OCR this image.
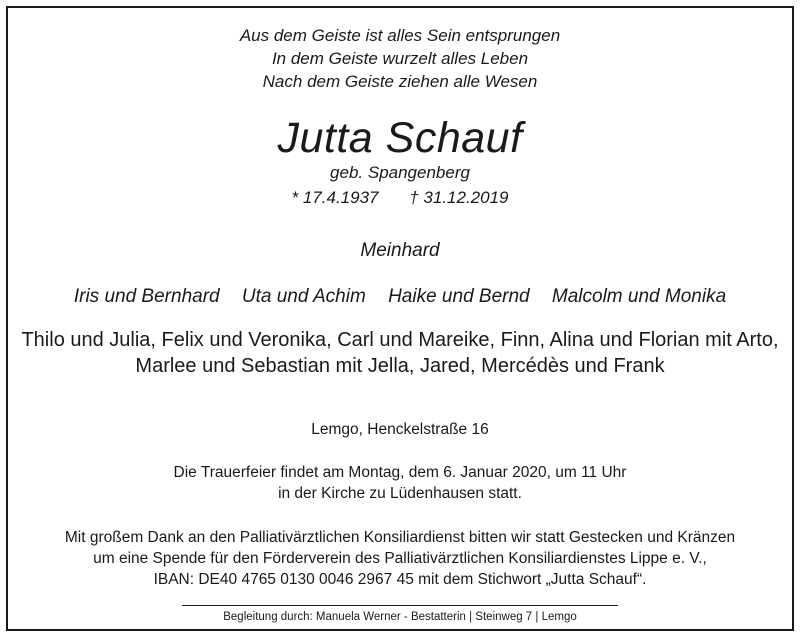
Aus dem Geiste ist alles Sein entsprungen
In dem Geiste wurzelt alles Leben
Nach dem Geiste ziehen alle Wesen
Jutta Schauf
geb. Spangenberg
* 17.4.1937 † 31.12.2019
Meinhard
Iris und Bernhard Uta und Achim Haike und Bernd Malcolm und Monika
Thilo und Julia, Felix und Veronika, Carl und Mareike, Finn, Alina und Florian mit Arto,
Marlee und Sebastian mit Jella, Jared, Mercédès und Frank
Lemgo, Henckelstraße 16
Die Trauerfeier findet am Montag, dem 6. Januar 2020, um 11 Uhr
in der Kirche zu Lüdenhausen statt.
Mit großem Dank an den Palliativärztlichen Konsiliardienst bitten wir statt Gestecken und Kränzen
um eine Spende für den Förderverein des Palliativärztlichen Konsiliardienstes Lippe e. V.,
IBAN: DE40 4765 0130 0046 2967 45 mit dem Stichwort „Jutta Schauf“.
Begleitung durch: Manuela Werner - Bestatterin | Steinweg 7 | Lemgo
